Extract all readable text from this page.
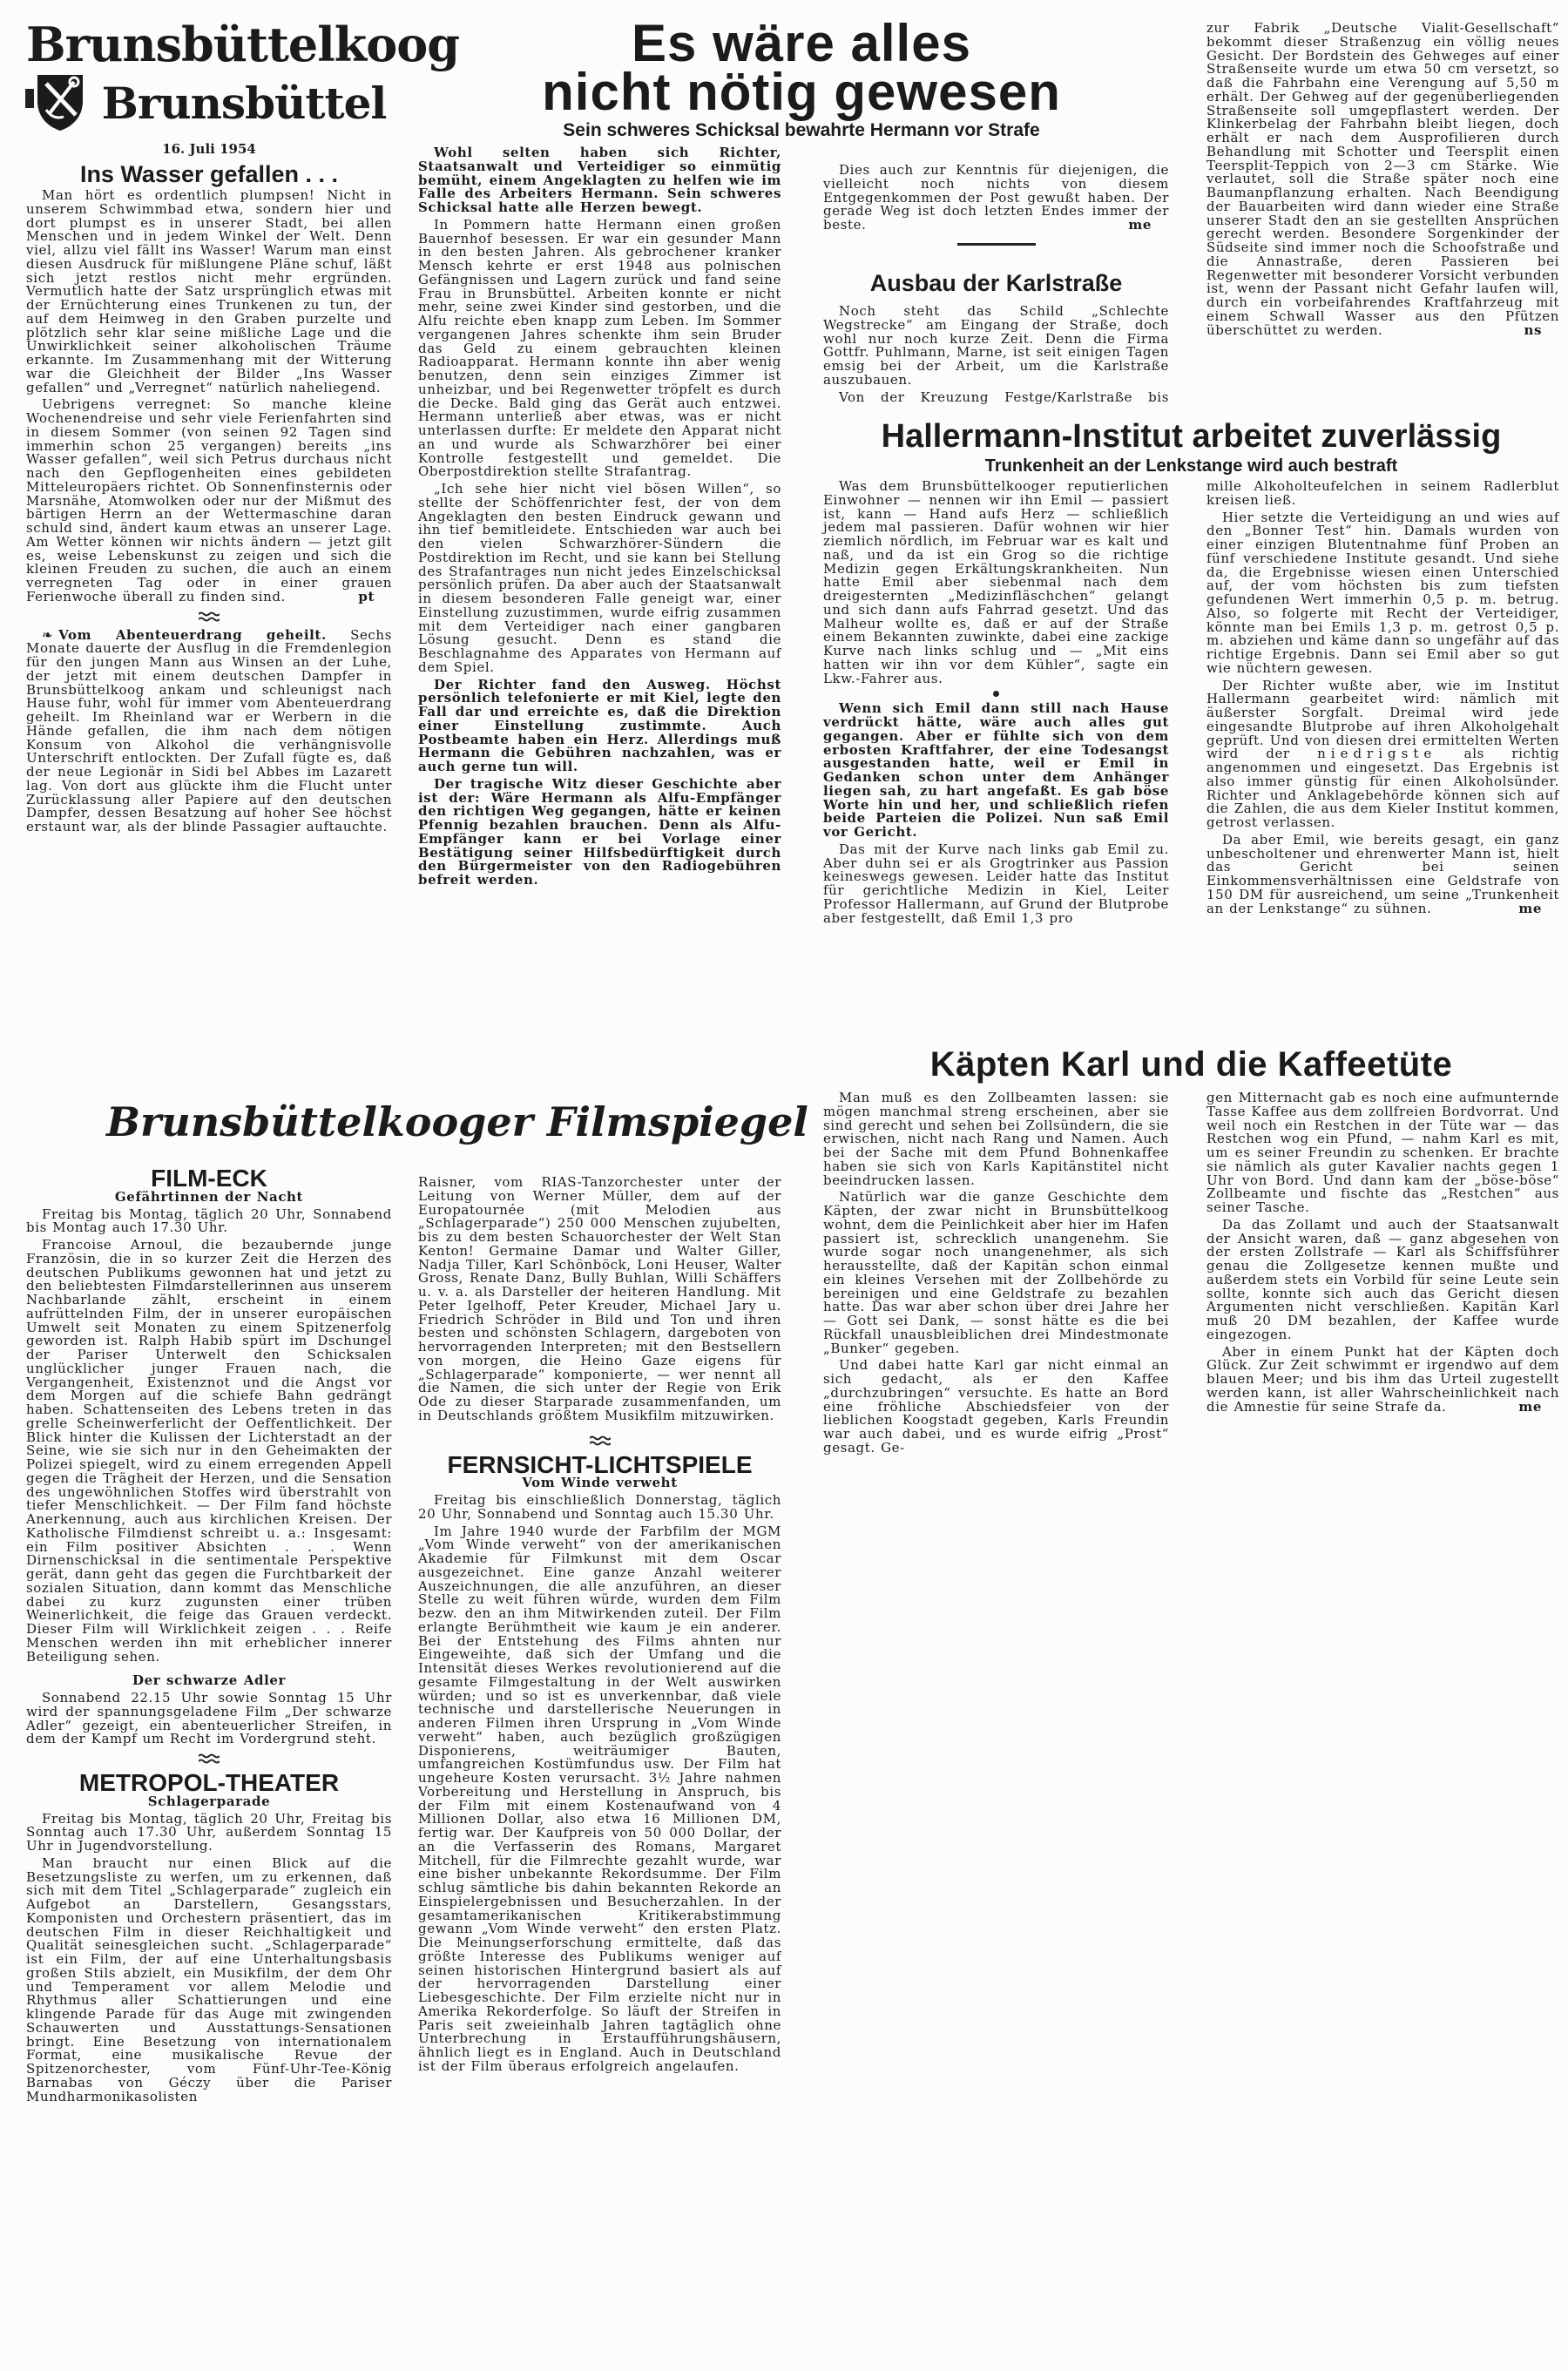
Brunsbüttelkoog
Brunsbüttel
16. Juli 1954
Ins Wasser gefallen . . .

Man hört es ordentlich plumpsen! Nicht in unserem Schwimmbad etwa, sondern hier und dort plumpst es in unserer Stadt, bei allen Menschen und in jedem Winkel der Welt. Denn viel, allzu viel fällt ins Wasser! Warum man einst diesen Ausdruck für mißlungene Pläne schuf, läßt sich jetzt restlos nicht mehr ergründen. Vermutlich hatte der Satz ursprünglich etwas mit der Ernüchterung eines Trunkenen zu tun, der auf dem Heimweg in den Graben purzelte und plötzlich sehr klar seine mißliche Lage und die Unwirklichkeit seiner alkoholischen Träume erkannte. Im Zusammenhang mit der Witterung war die Gleichheit der Bilder „Ins Wasser gefallen“ und „Verregnet“ natürlich naheliegend.

Uebrigens verregnet: So manche kleine Wochenendreise und sehr viele Ferienfahrten sind in diesem Sommer (von seinen 92 Tagen sind immerhin schon 25 vergangen) bereits „ins Wasser gefallen“, weil sich Petrus durchaus nicht nach den Gepflogenheiten eines gebildeten Mitteleuropäers richtet. Ob Sonnenfinsternis oder Marsnähe, Atomwolken oder nur der Mißmut des bärtigen Herrn an der Wettermaschine daran schuld sind, ändert kaum etwas an unserer Lage. Am Wetter können wir nichts ändern — jetzt gilt es, weise Lebenskunst zu zeigen und sich die kleinen Freuden zu suchen, die auch an einem verregneten Tag oder in einer grauen Ferienwoche überall zu finden sind.	pt

❧ Vom Abenteuerdrang geheilt. Sechs Monate dauerte der Ausflug in die Fremdenlegion für den jungen Mann aus Winsen an der Luhe, der jetzt mit einem deutschen Dampfer in Brunsbüttelkoog ankam und schleunigst nach Hause fuhr, wohl für immer vom Abenteuerdrang geheilt. Im Rheinland war er Werbern in die Hände gefallen, die ihm nach dem nötigen Konsum von Alkohol die verhängnisvolle Unterschrift entlockten. Der Zufall fügte es, daß der neue Legionär in Sidi bel Abbes im Lazarett lag. Von dort aus glückte ihm die Flucht unter Zurücklassung aller Papiere auf den deutschen Dampfer, dessen Besatzung auf hoher See höchst erstaunt war, als der blinde Passagier auftauchte.

Es wäre alles
nicht nötig gewesen
Sein schweres Schicksal bewahrte Hermann vor Strafe

Wohl selten haben sich Richter, Staatsanwalt und Verteidiger so einmütig bemüht, einem Angeklagten zu helfen wie im Falle des Arbeiters Hermann. Sein schweres Schicksal hatte alle Herzen bewegt.

In Pommern hatte Hermann einen großen Bauernhof besessen. Er war ein gesunder Mann in den besten Jahren. Als gebrochener kranker Mensch kehrte er erst 1948 aus polnischen Gefängnissen und Lagern zurück und fand seine Frau in Brunsbüttel. Arbeiten konnte er nicht mehr, seine zwei Kinder sind gestorben, und die Alfu reichte eben knapp zum Leben. Im Sommer vergangenen Jahres schenkte ihm sein Bruder das Geld zu einem gebrauchten kleinen Radioapparat. Hermann konnte ihn aber wenig benutzen, denn sein einziges Zimmer ist unheizbar, und bei Regenwetter tröpfelt es durch die Decke. Bald ging das Gerät auch entzwei. Hermann unterließ aber etwas, was er nicht unterlassen durfte: Er meldete den Apparat nicht an und wurde als Schwarzhörer bei einer Kontrolle festgestellt und gemeldet. Die Oberpostdirektion stellte Strafantrag.

„Ich sehe hier nicht viel bösen Willen“, so stellte der Schöffenrichter fest, der von dem Angeklagten den besten Eindruck gewann und ihn tief bemitleidete. Entschieden war auch bei den vielen Schwarzhörer-Sündern die Postdirektion im Recht, und sie kann bei Stellung des Strafantrages nun nicht jedes Einzelschicksal persönlich prüfen. Da aber auch der Staatsanwalt in diesem besonderen Falle geneigt war, einer Einstellung zuzustimmen, wurde eifrig zusammen mit dem Verteidiger nach einer gangbaren Lösung gesucht. Denn es stand die Beschlagnahme des Apparates von Hermann auf dem Spiel.

Der Richter fand den Ausweg. Höchst persönlich telefonierte er mit Kiel, legte den Fall dar und erreichte es, daß die Direktion einer Einstellung zustimmte. Auch Postbeamte haben ein Herz. Allerdings muß Hermann die Gebühren nachzahlen, was er auch gerne tun will.

Der tragische Witz dieser Geschichte aber ist der: Wäre Hermann als Alfu-Empfänger den richtigen Weg gegangen, hätte er keinen Pfennig bezahlen brauchen. Denn als Alfu-Empfänger kann er bei Vorlage einer Bestätigung seiner Hilfsbedürftigkeit durch den Bürgermeister von den Radiogebühren befreit werden.

Dies auch zur Kenntnis für diejenigen, die vielleicht noch nichts von diesem Entgegenkommen der Post gewußt haben. Der gerade Weg ist doch letzten Endes immer der beste.	me

Ausbau der Karlstraße

Noch steht das Schild „Schlechte Wegstrecke“ am Eingang der Straße, doch wohl nur noch kurze Zeit. Denn die Firma Gottfr. Puhlmann, Marne, ist seit einigen Tagen emsig bei der Arbeit, um die Karlstraße auszubauen.

Von der Kreuzung Festge/Karlstraße bis

zur Fabrik „Deutsche Vialit-Gesellschaft“ bekommt dieser Straßenzug ein völlig neues Gesicht. Der Bordstein des Gehweges auf einer Straßenseite wurde um etwa 50 cm versetzt, so daß die Fahrbahn eine Verengung auf 5,50 m erhält. Der Gehweg auf der gegenüberliegenden Straßenseite soll umgepflastert werden. Der Klinkerbelag der Fahrbahn bleibt liegen, doch erhält er nach dem Ausprofilieren durch Behandlung mit Schotter und Teersplit einen Teersplit-Teppich von 2—3 cm Stärke. Wie verlautet, soll die Straße später noch eine Baumanpflanzung erhalten. Nach Beendigung der Bauarbeiten wird dann wieder eine Straße unserer Stadt den an sie gestellten Ansprüchen gerecht werden. Besondere Sorgenkinder der Südseite sind immer noch die Schoofstraße und die Annastraße, deren Passieren bei Regenwetter mit besonderer Vorsicht verbunden ist, wenn der Passant nicht Gefahr laufen will, durch ein vorbeifahrendes Kraftfahrzeug mit einem Schwall Wasser aus den Pfützen überschüttet zu werden.	ns

Hallermann-Institut arbeitet zuverlässig
Trunkenheit an der Lenkstange wird auch bestraft

Was dem Brunsbüttelkooger reputierlichen Einwohner — nennen wir ihn Emil — passiert ist, kann — Hand aufs Herz — schließlich jedem mal passieren. Dafür wohnen wir hier ziemlich nördlich, im Februar war es kalt und naß, und da ist ein Grog so die richtige Medizin gegen Erkältungskrankheiten. Nun hatte Emil aber siebenmal nach dem dreigesternten „Medizinfläschchen“ gelangt und sich dann aufs Fahrrad gesetzt. Und das Malheur wollte es, daß er auf der Straße einem Bekannten zuwinkte, dabei eine zackige Kurve nach links schlug und — „Mit eins hatten wir ihn vor dem Kühler“, sagte ein Lkw.-Fahrer aus.

Wenn sich Emil dann still nach Hause verdrückt hätte, wäre auch alles gut gegangen. Aber er fühlte sich von dem erbosten Kraftfahrer, der eine Todesangst ausgestanden hatte, weil er Emil in Gedanken schon unter dem Anhänger liegen sah, zu hart angefaßt. Es gab böse Worte hin und her, und schließlich riefen beide Parteien die Polizei. Nun saß Emil vor Gericht.

Das mit der Kurve nach links gab Emil zu. Aber duhn sei er als Grogtrinker aus Passion keineswegs gewesen. Leider hatte das Institut für gerichtliche Medizin in Kiel, Leiter Professor Hallermann, auf Grund der Blutprobe aber festgestellt, daß Emil 1,3 pro

mille Alkoholteufelchen in seinem Radlerblut kreisen ließ.

Hier setzte die Verteidigung an und wies auf den „Bonner Test“ hin. Damals wurden von einer einzigen Blutentnahme fünf Proben an fünf verschiedene Institute gesandt. Und siehe da, die Ergebnisse wiesen einen Unterschied auf, der vom höchsten bis zum tiefsten gefundenen Wert immerhin 0,5 p. m. betrug. Also, so folgerte mit Recht der Verteidiger, könnte man bei Emils 1,3 p. m. getrost 0,5 p. m. abziehen und käme dann so ungefähr auf das richtige Ergebnis. Dann sei Emil aber so gut wie nüchtern gewesen.

Der Richter wußte aber, wie im Institut Hallermann gearbeitet wird: nämlich mit äußerster Sorgfalt. Dreimal wird jede eingesandte Blutprobe auf ihren Alkoholgehalt geprüft. Und von diesen drei ermittelten Werten wird der niedrigste als richtig angenommen und eingesetzt. Das Ergebnis ist also immer günstig für einen Alkoholsünder. Richter und Anklagebehörde können sich auf die Zahlen, die aus dem Kieler Institut kommen, getrost verlassen.

Da aber Emil, wie bereits gesagt, ein ganz unbescholtener und ehrenwerter Mann ist, hielt das Gericht bei seinen Einkommensverhältnissen eine Geldstrafe von 150 DM für ausreichend, um seine „Trunkenheit an der Lenkstange“ zu sühnen.	me

Käpten Karl und die Kaffeetüte

Man muß es den Zollbeamten lassen: sie mögen manchmal streng erscheinen, aber sie sind gerecht und sehen bei Zollsündern, die sie erwischen, nicht nach Rang und Namen. Auch bei der Sache mit dem Pfund Bohnenkaffee haben sie sich von Karls Kapitänstitel nicht beeindrucken lassen.

Natürlich war die ganze Geschichte dem Käpten, der zwar nicht in Brunsbüttelkoog wohnt, dem die Peinlichkeit aber hier im Hafen passiert ist, schrecklich unangenehm. Sie wurde sogar noch unangenehmer, als sich herausstellte, daß der Kapitän schon einmal ein kleines Versehen mit der Zollbehörde zu bereinigen und eine Geldstrafe zu bezahlen hatte. Das war aber schon über drei Jahre her — Gott sei Dank, — sonst hätte es die bei Rückfall unausbleiblichen drei Mindestmonate „Bunker“ gegeben.

Und dabei hatte Karl gar nicht einmal an sich gedacht, als er den Kaffee „durchzubringen“ versuchte. Es hatte an Bord eine fröhliche Abschiedsfeier von der lieblichen Koogstadt gegeben, Karls Freundin war auch dabei, und es wurde eifrig „Prost“ gesagt. Ge-

gen Mitternacht gab es noch eine aufmunternde Tasse Kaffee aus dem zollfreien Bordvorrat. Und weil noch ein Restchen in der Tüte war — das Restchen wog ein Pfund, — nahm Karl es mit, um es seiner Freundin zu schenken. Er brachte sie nämlich als guter Kavalier nachts gegen 1 Uhr von Bord. Und dann kam der „böse-böse“ Zollbeamte und fischte das „Restchen“ aus seiner Tasche.

Da das Zollamt und auch der Staatsanwalt der Ansicht waren, daß — ganz abgesehen von der ersten Zollstrafe — Karl als Schiffsführer genau die Zollgesetze kennen mußte und außerdem stets ein Vorbild für seine Leute sein sollte, konnte sich auch das Gericht diesen Argumenten nicht verschließen. Kapitän Karl muß 20 DM bezahlen, der Kaffee wurde eingezogen.

Aber in einem Punkt hat der Käpten doch Glück. Zur Zeit schwimmt er irgendwo auf dem blauen Meer; und bis ihm das Urteil zugestellt werden kann, ist aller Wahrscheinlichkeit nach die Amnestie für seine Strafe da.	me

Brunsbüttelkooger Filmspiegel
FILM-ECK

Gefährtinnen der Nacht

Freitag bis Montag, täglich 20 Uhr, Sonnabend bis Montag auch 17.30 Uhr.

Francoise Arnoul, die bezaubernde junge Französin, die in so kurzer Zeit die Herzen des deutschen Publikums gewonnen hat und jetzt zu den beliebtesten Filmdarstellerinnen aus unserem Nachbarlande zählt, erscheint in einem aufrüttelnden Film, der in unserer europäischen Umwelt seit Monaten zu einem Spitzenerfolg geworden ist. Ralph Habib spürt im Dschungel der Pariser Unterwelt den Schicksalen unglücklicher junger Frauen nach, die Vergangenheit, Existenznot und die Angst vor dem Morgen auf die schiefe Bahn gedrängt haben. Schattenseiten des Lebens treten in das grelle Scheinwerferlicht der Oeffentlichkeit. Der Blick hinter die Kulissen der Lichterstadt an der Seine, wie sie sich nur in den Geheimakten der Polizei spiegelt, wird zu einem erregenden Appell gegen die Trägheit der Herzen, und die Sensation des ungewöhnlichen Stoffes wird überstrahlt von tiefer Menschlichkeit. — Der Film fand höchste Anerkennung, auch aus kirchlichen Kreisen. Der Katholische Filmdienst schreibt u. a.: Insgesamt: ein Film positiver Absichten . . . Wenn Dirnenschicksal in die sentimentale Perspektive gerät, dann geht das gegen die Furchtbarkeit der sozialen Situation, dann kommt das Menschliche dabei zu kurz zugunsten einer trüben Weinerlichkeit, die feige das Grauen verdeckt. Dieser Film will Wirklichkeit zeigen . . . Reife Menschen werden ihn mit erheblicher innerer Beteiligung sehen.

Der schwarze Adler

Sonnabend 22.15 Uhr sowie Sonntag 15 Uhr wird der spannungsgeladene Film „Der schwarze Adler“ gezeigt, ein abenteuerlicher Streifen, in dem der Kampf um Recht im Vordergrund steht.

METROPOL-THEATER

Schlagerparade

Freitag bis Montag, täglich 20 Uhr, Freitag bis Sonntag auch 17.30 Uhr, außerdem Sonntag 15 Uhr in Jugendvorstellung.

Man braucht nur einen Blick auf die Besetzungsliste zu werfen, um zu erkennen, daß sich mit dem Titel „Schlagerparade“ zugleich ein Aufgebot an Darstellern, Gesangsstars, Komponisten und Orchestern präsentiert, das im deutschen Film in dieser Reichhaltigkeit und Qualität seinesgleichen sucht. „Schlagerparade“ ist ein Film, der auf eine Unterhaltungsbasis großen Stils abzielt, ein Musikfilm, der dem Ohr und Temperament vor allem Melodie und Rhythmus aller Schattierungen und eine klingende Parade für das Auge mit zwingenden Schauwerten und Ausstattungs-Sensationen bringt. Eine Besetzung von internationalem Format, eine musikalische Revue der Spitzenorchester, vom Fünf-Uhr-Tee-König Barnabas von Géczy über die Pariser Mundharmonikasolisten

Raisner, vom RIAS-Tanzorchester unter der Leitung von Werner Müller, dem auf der Europatournée (mit Melodien aus „Schlagerparade“) 250 000 Menschen zujubelten, bis zu dem besten Schauorchester der Welt Stan Kenton! Germaine Damar und Walter Giller, Nadja Tiller, Karl Schönböck, Loni Heuser, Walter Gross, Renate Danz, Bully Buhlan, Willi Schäffers u. v. a. als Darsteller der heiteren Handlung. Mit Peter Igelhoff, Peter Kreuder, Michael Jary u. Friedrich Schröder in Bild und Ton und ihren besten und schönsten Schlagern, dargeboten von hervorragenden Interpreten; mit den Bestsellern von morgen, die Heino Gaze eigens für „Schlagerparade“ komponierte, — wer nennt all die Namen, die sich unter der Regie von Erik Ode zu dieser Starparade zusammenfanden, um in Deutschlands größtem Musikfilm mitzuwirken.

FERNSICHT-LICHTSPIELE

Vom Winde verweht

Freitag bis einschließlich Donnerstag, täglich 20 Uhr, Sonnabend und Sonntag auch 15.30 Uhr.

Im Jahre 1940 wurde der Farbfilm der MGM „Vom Winde verweht“ von der amerikanischen Akademie für Filmkunst mit dem Oscar ausgezeichnet. Eine ganze Anzahl weiterer Auszeichnungen, die alle anzuführen, an dieser Stelle zu weit führen würde, wurden dem Film bezw. den an ihm Mitwirkenden zuteil. Der Film erlangte Berühmtheit wie kaum je ein anderer. Bei der Entstehung des Films ahnten nur Eingeweihte, daß sich der Umfang und die Intensität dieses Werkes revolutionierend auf die gesamte Filmgestaltung in der Welt auswirken würden; und so ist es unverkennbar, daß viele technische und darstellerische Neuerungen in anderen Filmen ihren Ursprung in „Vom Winde verweht“ haben, auch bezüglich großzügigen Disponierens, weiträumiger Bauten, umfangreichen Kostümfundus usw. Der Film hat ungeheure Kosten verursacht. 3½ Jahre nahmen Vorbereitung und Herstellung in Anspruch, bis der Film mit einem Kostenaufwand von 4 Millionen Dollar, also etwa 16 Millionen DM, fertig war. Der Kaufpreis von 50 000 Dollar, der an die Verfasserin des Romans, Margaret Mitchell, für die Filmrechte gezahlt wurde, war eine bisher unbekannte Rekordsumme. Der Film schlug sämtliche bis dahin bekannten Rekorde an Einspielergebnissen und Besucherzahlen. In der gesamtamerikanischen Kritikerabstimmung gewann „Vom Winde verweht“ den ersten Platz. Die Meinungserforschung ermittelte, daß das größte Interesse des Publikums weniger auf seinen historischen Hintergrund basiert als auf der hervorragenden Darstellung einer Liebesgeschichte. Der Film erzielte nicht nur in Amerika Rekorderfolge. So läuft der Streifen in Paris seit zweieinhalb Jahren tagtäglich ohne Unterbrechung in Erstaufführungshäusern, ähnlich liegt es in England. Auch in Deutschland ist der Film überaus erfolgreich angelaufen.
